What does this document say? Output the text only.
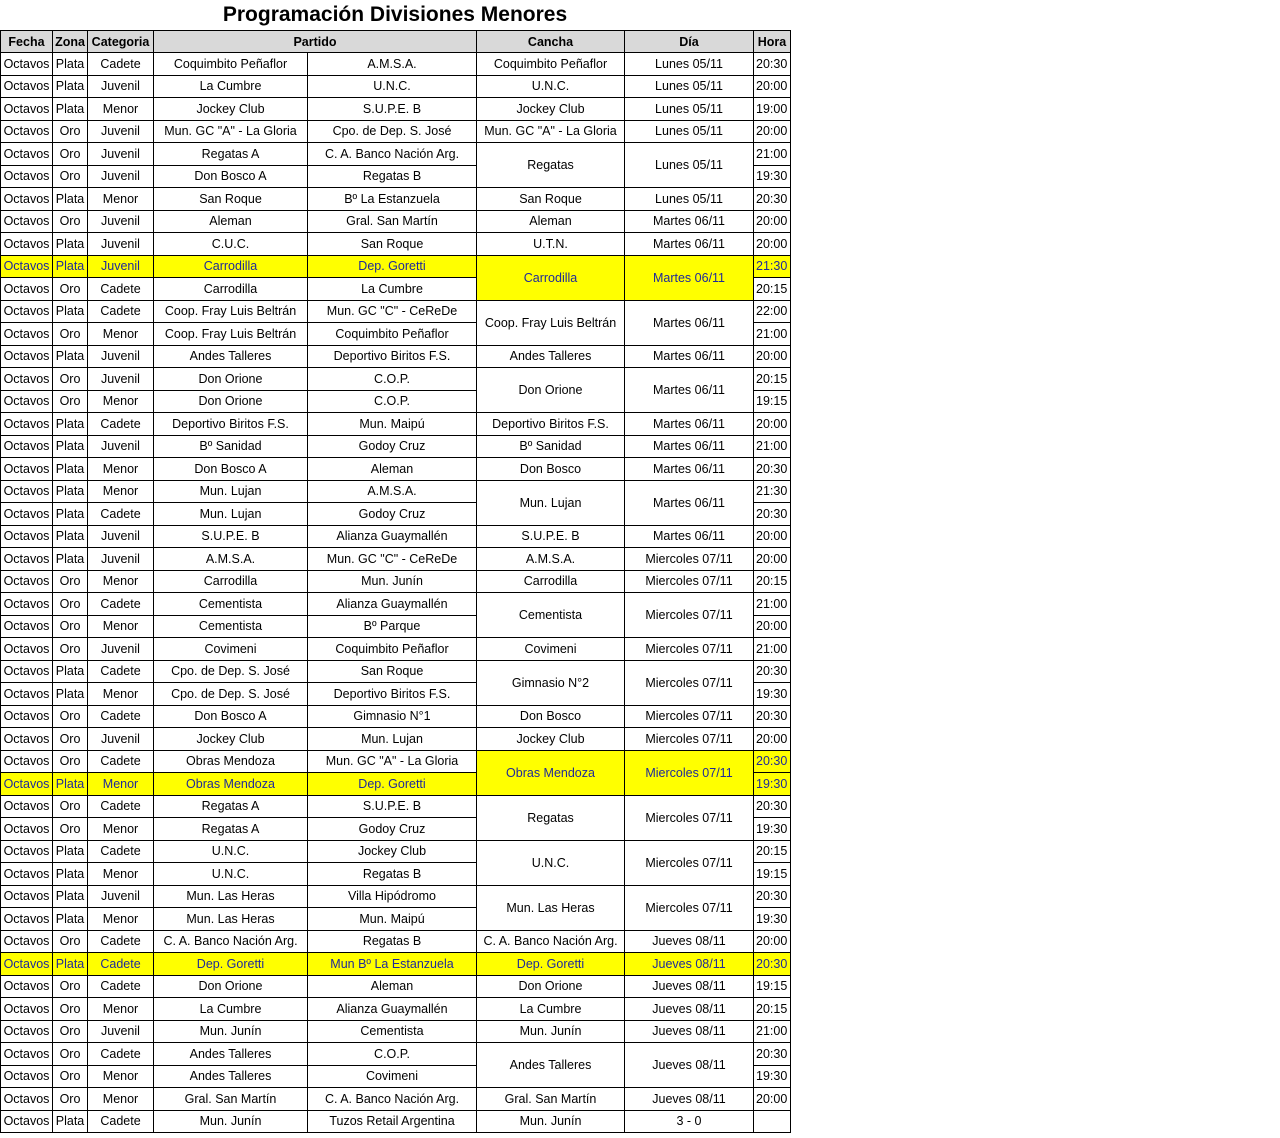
Programación Divisiones Menores
Fecha	Zona	Categoria	Partido		Cancha	Día	Hora
Octavos	Plata	Cadete	Coquimbito Peñaflor	A.M.S.A.	Coquimbito Peñaflor	Lunes 05/11	20:30
Octavos	Plata	Juvenil	La Cumbre	U.N.C.	U.N.C.	Lunes 05/11	20:00
Octavos	Plata	Menor	Jockey Club	S.U.P.E. B	Jockey Club	Lunes 05/11	19:00
Octavos	Oro	Juvenil	Mun. GC "A" - La Gloria	Cpo. de Dep. S. José	Mun. GC "A" - La Gloria	Lunes 05/11	20:00
Octavos	Oro	Juvenil	Regatas A	C. A. Banco Nación Arg.	Regatas	Lunes 05/11	21:00
Octavos	Oro	Juvenil	Don Bosco A	Regatas B			19:30
Octavos	Plata	Menor	San Roque	Bº La Estanzuela	San Roque	Lunes 05/11	20:30
Octavos	Oro	Juvenil	Aleman	Gral. San Martín	Aleman	Martes 06/11	20:00
Octavos	Plata	Juvenil	C.U.C.	San Roque	U.T.N.	Martes 06/11	20:00
Octavos	Plata	Juvenil	Carrodilla	Dep. Goretti	Carrodilla	Martes 06/11	21:30
Octavos	Oro	Cadete	Carrodilla	La Cumbre			20:15
Octavos	Plata	Cadete	Coop. Fray Luis Beltrán	Mun. GC "C" - CeReDe	Coop. Fray Luis Beltrán	Martes 06/11	22:00
Octavos	Oro	Menor	Coop. Fray Luis Beltrán	Coquimbito Peñaflor			21:00
Octavos	Plata	Juvenil	Andes Talleres	Deportivo Biritos F.S.	Andes Talleres	Martes 06/11	20:00
Octavos	Oro	Juvenil	Don Orione	C.O.P.	Don Orione	Martes 06/11	20:15
Octavos	Oro	Menor	Don Orione	C.O.P.			19:15
Octavos	Plata	Cadete	Deportivo Biritos F.S.	Mun. Maipú	Deportivo Biritos F.S.	Martes 06/11	20:00
Octavos	Plata	Juvenil	Bº Sanidad	Godoy Cruz	Bº Sanidad	Martes 06/11	21:00
Octavos	Plata	Menor	Don Bosco A	Aleman	Don Bosco	Martes 06/11	20:30
Octavos	Plata	Menor	Mun. Lujan	A.M.S.A.	Mun. Lujan	Martes 06/11	21:30
Octavos	Plata	Cadete	Mun. Lujan	Godoy Cruz			20:30
Octavos	Plata	Juvenil	S.U.P.E. B	Alianza Guaymallén	S.U.P.E. B	Martes 06/11	20:00
Octavos	Plata	Juvenil	A.M.S.A.	Mun. GC "C" - CeReDe	A.M.S.A.	Miercoles 07/11	20:00
Octavos	Oro	Menor	Carrodilla	Mun. Junín	Carrodilla	Miercoles 07/11	20:15
Octavos	Oro	Cadete	Cementista	Alianza Guaymallén	Cementista	Miercoles 07/11	21:00
Octavos	Oro	Menor	Cementista	Bº Parque			20:00
Octavos	Oro	Juvenil	Covimeni	Coquimbito Peñaflor	Covimeni	Miercoles 07/11	21:00
Octavos	Plata	Cadete	Cpo. de Dep. S. José	San Roque	Gimnasio N°2	Miercoles 07/11	20:30
Octavos	Plata	Menor	Cpo. de Dep. S. José	Deportivo Biritos F.S.			19:30
Octavos	Oro	Cadete	Don Bosco A	Gimnasio N°1	Don Bosco	Miercoles 07/11	20:30
Octavos	Oro	Juvenil	Jockey Club	Mun. Lujan	Jockey Club	Miercoles 07/11	20:00
Octavos	Oro	Cadete	Obras Mendoza	Mun. GC "A" - La Gloria	Obras Mendoza	Miercoles 07/11	20:30
Octavos	Plata	Menor	Obras Mendoza	Dep. Goretti			19:30
Octavos	Oro	Cadete	Regatas A	S.U.P.E. B	Regatas	Miercoles 07/11	20:30
Octavos	Oro	Menor	Regatas A	Godoy Cruz			19:30
Octavos	Plata	Cadete	U.N.C.	Jockey Club	U.N.C.	Miercoles 07/11	20:15
Octavos	Plata	Menor	U.N.C.	Regatas B			19:15
Octavos	Plata	Juvenil	Mun. Las Heras	Villa Hipódromo	Mun. Las Heras	Miercoles 07/11	20:30
Octavos	Plata	Menor	Mun. Las Heras	Mun. Maipú			19:30
Octavos	Oro	Cadete	C. A. Banco Nación Arg.	Regatas B	C. A. Banco Nación Arg.	Jueves 08/11	20:00
Octavos	Plata	Cadete	Dep. Goretti	Mun Bº La Estanzuela	Dep. Goretti	Jueves 08/11	20:30
Octavos	Oro	Cadete	Don Orione	Aleman	Don Orione	Jueves 08/11	19:15
Octavos	Oro	Menor	La Cumbre	Alianza Guaymallén	La Cumbre	Jueves 08/11	20:15
Octavos	Oro	Juvenil	Mun. Junín	Cementista	Mun. Junín	Jueves 08/11	21:00
Octavos	Oro	Cadete	Andes Talleres	C.O.P.	Andes Talleres	Jueves 08/11	20:30
Octavos	Oro	Menor	Andes Talleres	Covimeni			19:30
Octavos	Oro	Menor	Gral. San Martín	C. A. Banco Nación Arg.	Gral. San Martín	Jueves 08/11	20:00
Octavos	Plata	Cadete	Mun. Junín	Tuzos Retail Argentina	Mun. Junín	3 - 0	
